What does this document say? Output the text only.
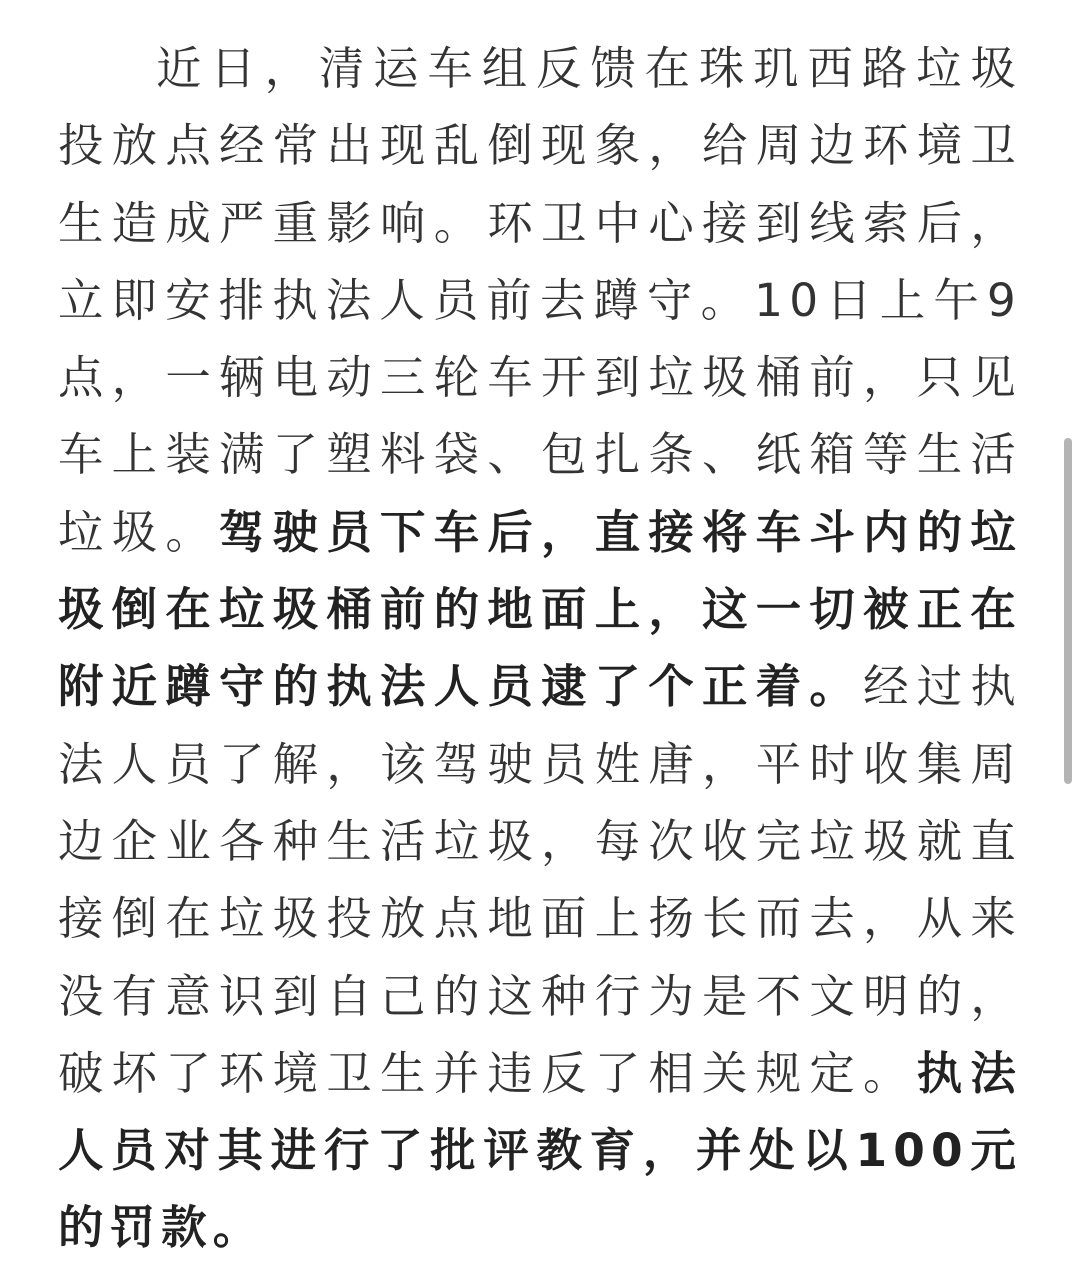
近日，清运车组反馈在珠玑西路垃圾投放点经常出现乱倒现象，给周边环境卫生造成严重影响。环卫中心接到线索后，立即安排执法人员前去蹲守。10日上午9点，一辆电动三轮车开到垃圾桶前，只见车上装满了塑料袋、包扎条、纸箱等生活垃圾。驾驶员下车后，直接将车斗内的垃圾倒在垃圾桶前的地面上，这一切被正在附近蹲守的执法人员逮了个正着。经过执法人员了解，该驾驶员姓唐，平时收集周边企业各种生活垃圾，每次收完垃圾就直接倒在垃圾投放点地面上扬长而去，从来没有意识到自己的这种行为是不文明的，破坏了环境卫生并违反了相关规定。执法人员对其进行了批评教育，并处以100元的罚款。
